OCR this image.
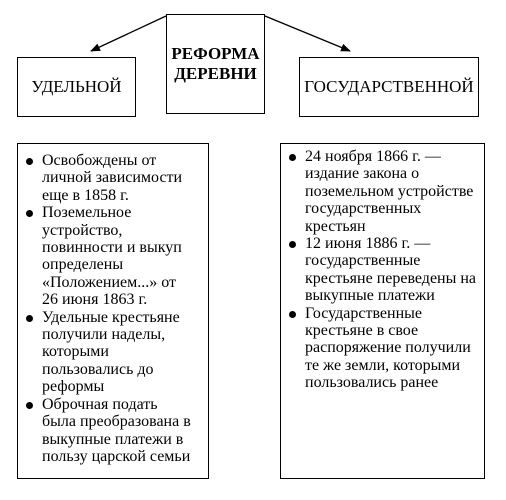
РЕФОРМА
ДЕРЕВНИ
УДЕЛЬНОЙ	ГОСУДАРСТВЕННОЙ
Освобождены от личной зависимости еще в 1858 г.
Поземельное устройство, повинности и выкуп определены «Положением...» от 26 июня 1863 г.
Удельные крестьяне получили наделы, которыми пользовались до реформы
Оброчная подать была преобразована в выкупные платежи в пользу царской семьи
24 ноября 1866 г. — издание закона о поземельном устройстве государственных крестьян
12 июня 1886 г. — государственные крестьяне переведены на выкупные платежи
Государственные крестьяне в свое распоряжение получили те же земли, которыми пользовались ранее
